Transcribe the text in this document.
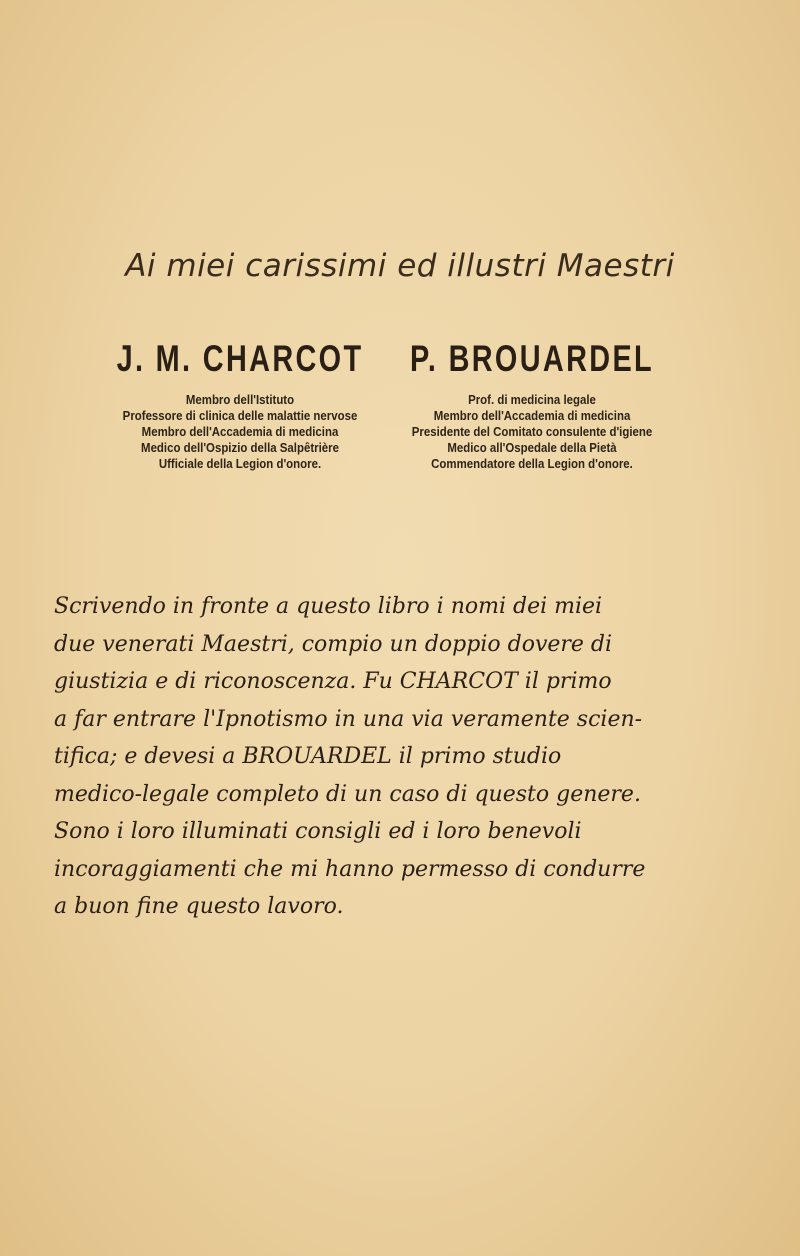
Ai miei carissimi ed illustri Maestri
J. M. CHARCOT
Membro dell'Istituto
Professore di clinica delle malattie nervose
Membro dell'Accademia di medicina
Medico dell'Ospizio della Salpêtrière
Ufficiale della Legion d'onore.
P. BROUARDEL
Prof. di medicina legale
Membro dell'Accademia di medicina
Presidente del Comitato consulente d'igiene
Medico all'Ospedale della Pietà
Commendatore della Legion d'onore.
Scrivendo in fronte a questo libro i nomi dei miei
due venerati Maestri, compio un doppio dovere di
giustizia e di riconoscenza. Fu CHARCOT il primo
a far entrare l'Ipnotismo in una via veramente scien-
tifica; e devesi a BROUARDEL il primo studio
medico-legale completo di un caso di questo genere.
Sono i loro illuminati consigli ed i loro benevoli
incoraggiamenti che mi hanno permesso di condurre
a buon fine questo lavoro.
